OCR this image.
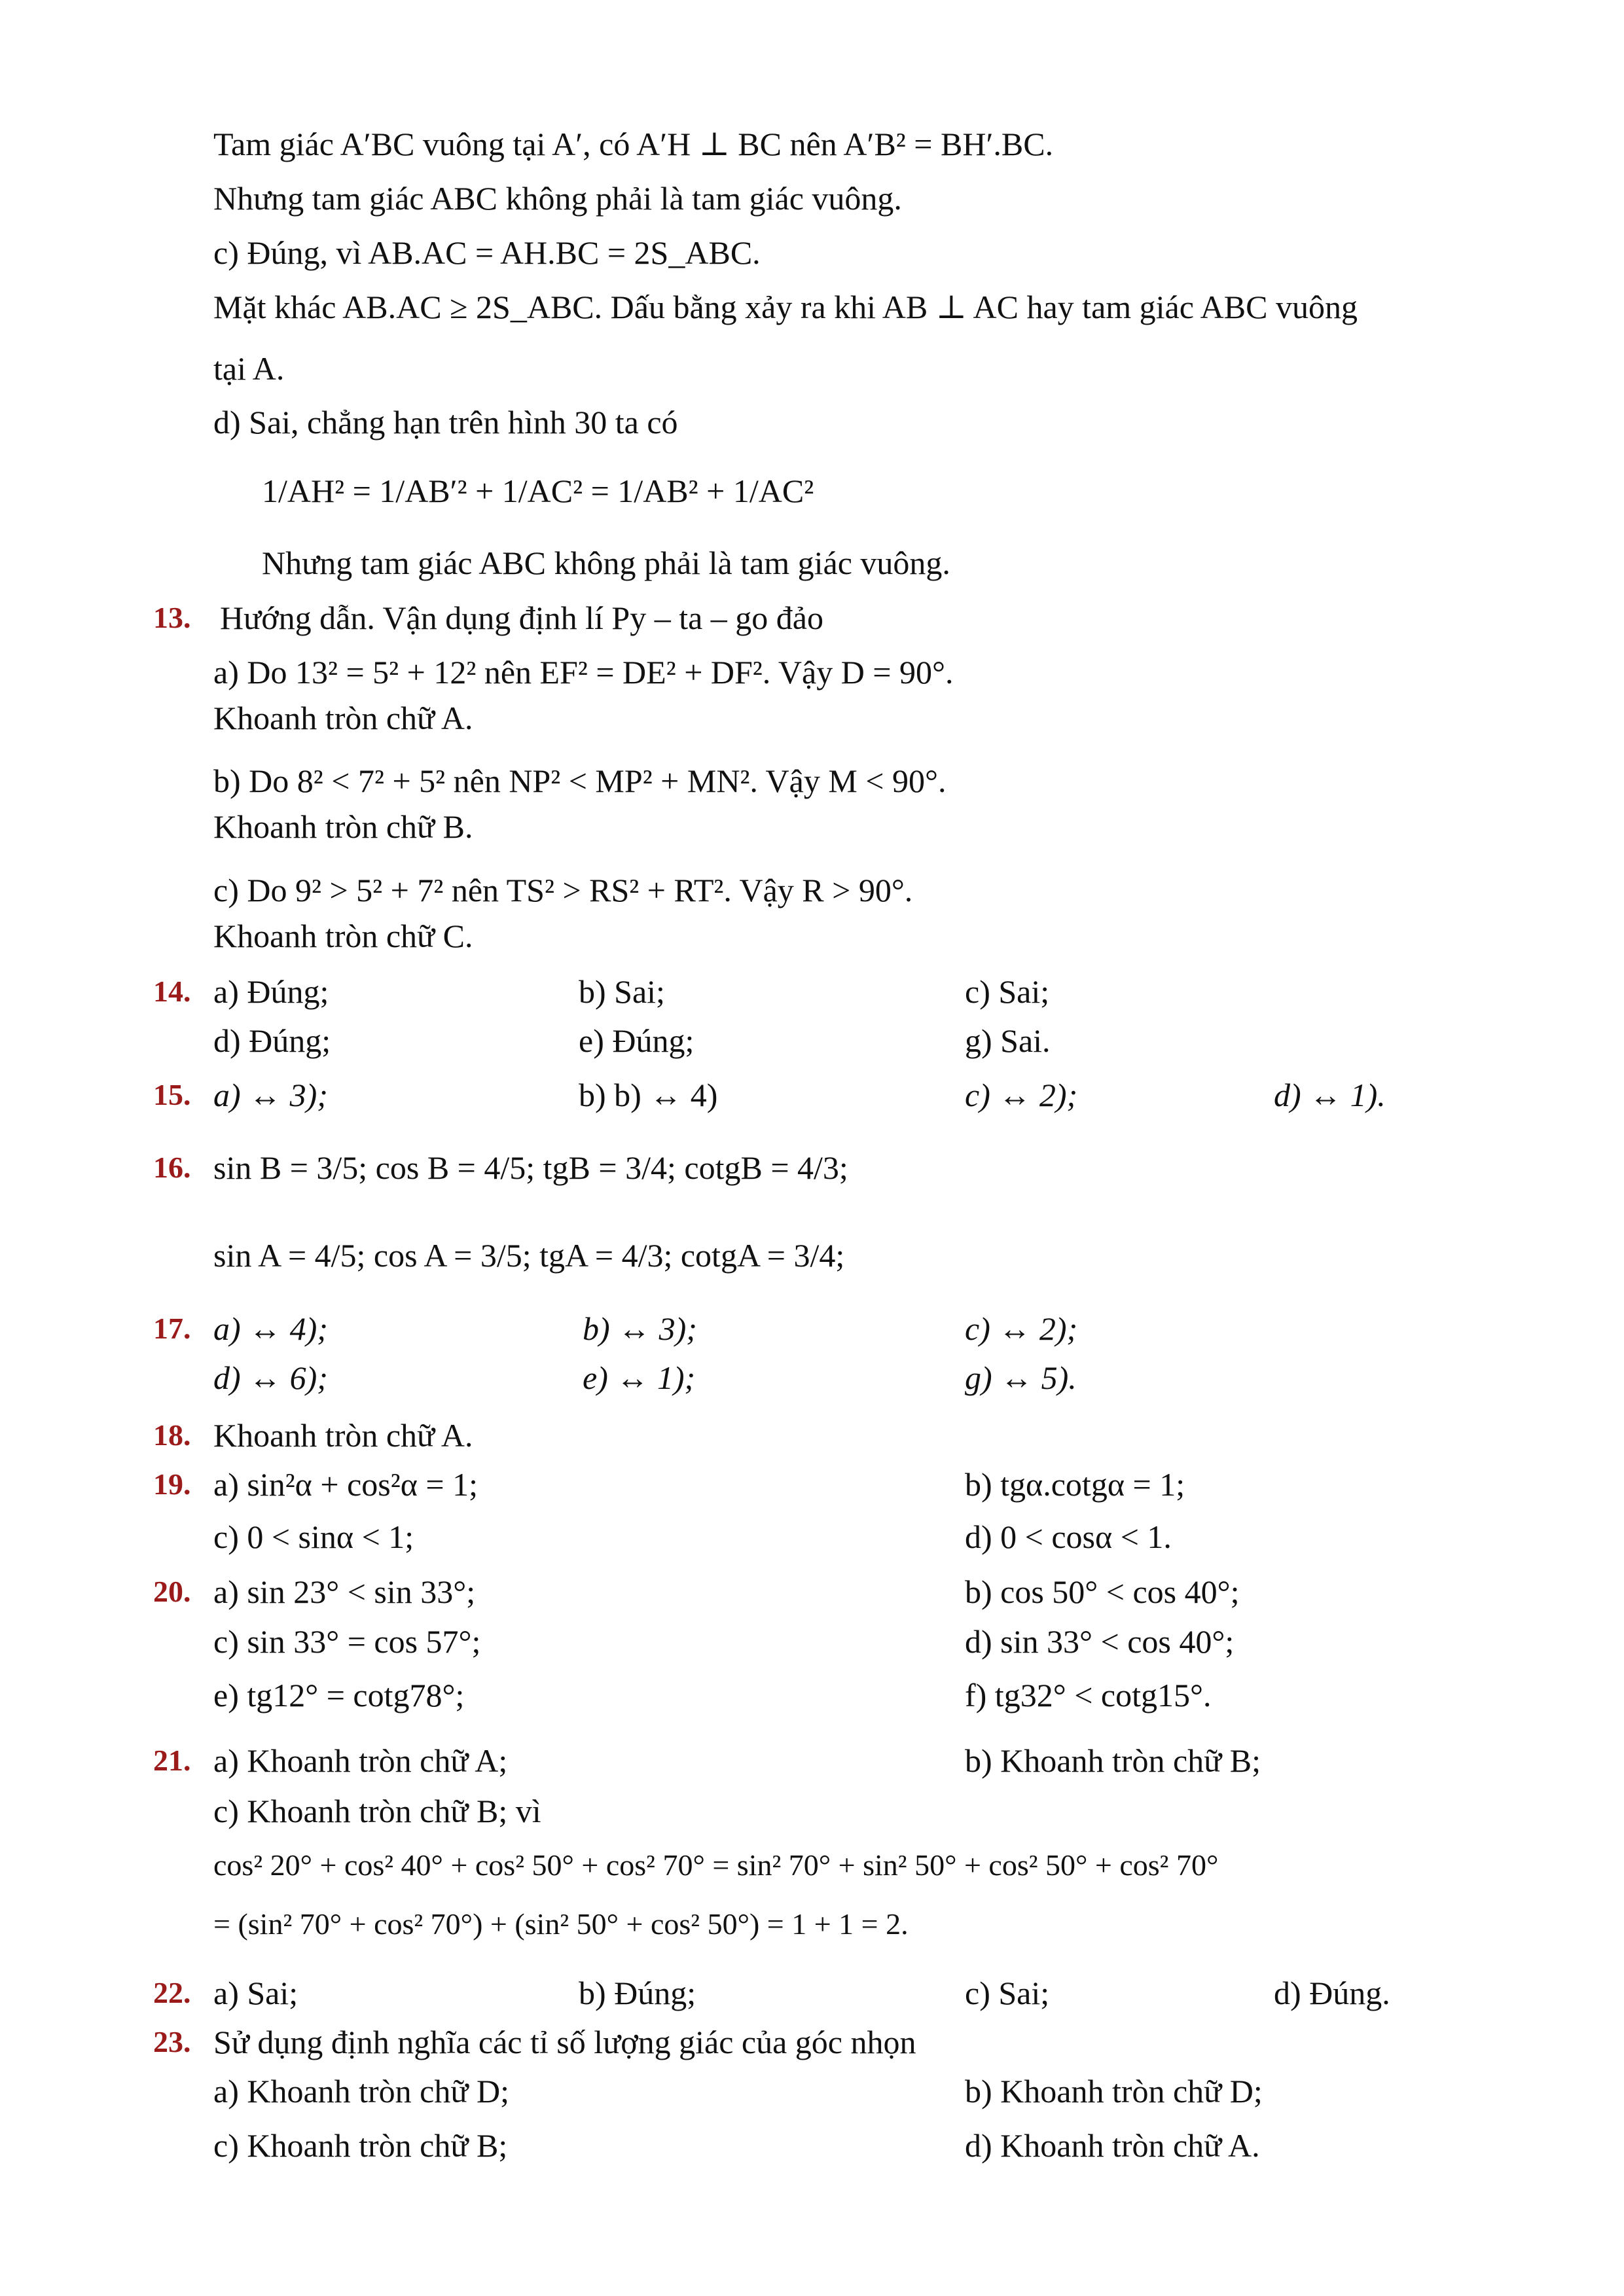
Tam giác A′BC vuông tại A′, có A′H ⊥ BC nên A′B² = BH′.BC.
Nhưng tam giác ABC không phải là tam giác vuông.
c) Đúng, vì AB.AC = AH.BC = 2S_ABC.
Mặt khác AB.AC ≥ 2S_ABC. Dấu bằng xảy ra khi AB ⊥ AC hay tam giác ABC vuông
tại A.
d) Sai, chẳng hạn trên hình 30 ta có
1/AH² = 1/AB′² + 1/AC² = 1/AB² + 1/AC²
Nhưng tam giác ABC không phải là tam giác vuông.
13. Hướng dẫn. Vận dụng định lí Py – ta – go đảo
a) Do 13² = 5² + 12² nên EF² = DE² + DF². Vậy D = 90°.
Khoanh tròn chữ A.
b) Do 8² < 7² + 5² nên NP² < MP² + MN². Vậy M < 90°.
Khoanh tròn chữ B.
c) Do 9² > 5² + 7² nên TS² > RS² + RT². Vậy R > 90°.
Khoanh tròn chữ C.
14. a) Đúng;	b) Sai;	c) Sai;
d) Đúng;	e) Đúng;	g) Sai.
15. a) ↔ 3);	b) b) ↔ 4)	c) ↔ 2);	d) ↔ 1).
16. sin B = 3/5; cos B = 4/5; tgB = 3/4; cotgB = 4/3;
sin A = 4/5; cos A = 3/5; tgA = 4/3; cotgA = 3/4;
17. a) ↔ 4);	b) ↔ 3);	c) ↔ 2);
d) ↔ 6);	e) ↔ 1);	g) ↔ 5).
18. Khoanh tròn chữ A.
19. a) sin²α + cos²α = 1;	b) tgα.cotgα = 1;
c) 0 < sinα < 1;	d) 0 < cosα < 1.
20. a) sin 23° < sin 33°;	b) cos 50° < cos 40°;
c) sin 33° = cos 57°;	d) sin 33° < cos 40°;
e) tg12° = cotg78°;	f) tg32° < cotg15°.
21. a) Khoanh tròn chữ A;	b) Khoanh tròn chữ B;
c) Khoanh tròn chữ B; vì
cos² 20° + cos² 40° + cos² 50° + cos² 70° = sin² 70° + sin² 50° + cos² 50° + cos² 70°
= (sin² 70° + cos² 70°) + (sin² 50° + cos² 50°) = 1 + 1 = 2.
22. a) Sai;	b) Đúng;	c) Sai;	d) Đúng.
23. Sử dụng định nghĩa các tỉ số lượng giác của góc nhọn
a) Khoanh tròn chữ D;	b) Khoanh tròn chữ D;
c) Khoanh tròn chữ B;	d) Khoanh tròn chữ A.
